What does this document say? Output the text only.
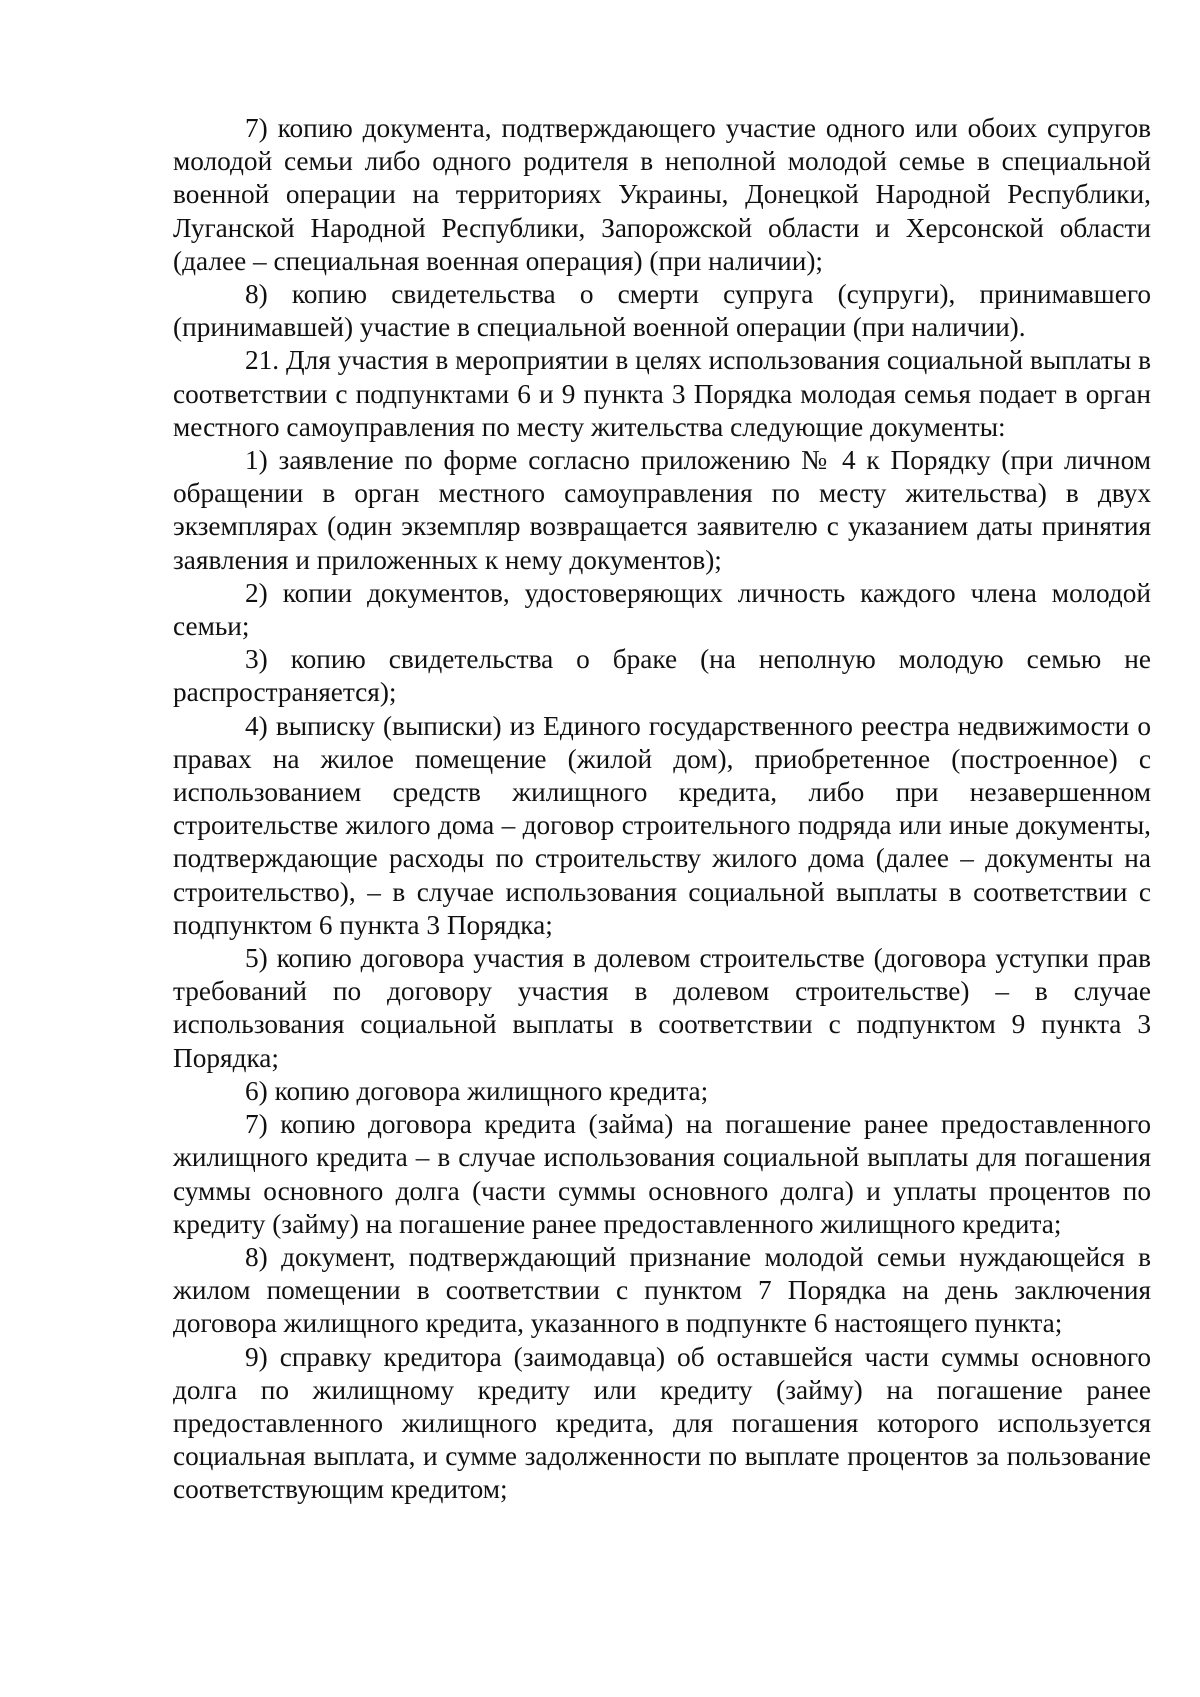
7) копию документа, подтверждающего участие одного или обоих супругов молодой семьи либо одного родителя в неполной молодой семье в специальной военной операции на территориях Украины, Донецкой Народной Республики, Луганской Народной Республики, Запорожской области и Херсонской области (далее – специальная военная операция) (при наличии);

8) копию свидетельства о смерти супруга (супруги), принимавшего (принимавшей) участие в специальной военной операции (при наличии).

21. Для участия в мероприятии в целях использования социальной выплаты в соответствии с подпунктами 6 и 9 пункта 3 Порядка молодая семья подает в орган местного самоуправления по месту жительства следующие документы:

1) заявление по форме согласно приложению № 4 к Порядку (при личном обращении в орган местного самоуправления по месту жительства) в двух экземплярах (один экземпляр возвращается заявителю с указанием даты принятия заявления и приложенных к нему документов);

2) копии документов, удостоверяющих личность каждого члена молодой семьи;

3) копию свидетельства о браке (на неполную молодую семью не распространяется);

4) выписку (выписки) из Единого государственного реестра недвижимости о правах на жилое помещение (жилой дом), приобретенное (построенное) с использованием средств жилищного кредита, либо при незавершенном строительстве жилого дома – договор строительного подряда или иные документы, подтверждающие расходы по строительству жилого дома (далее – документы на строительство), – в случае использования социальной выплаты в соответствии с подпунктом 6 пункта 3 Порядка;

5) копию договора участия в долевом строительстве (договора уступки прав требований по договору участия в долевом строительстве) – в случае использования социальной выплаты в соответствии с подпунктом 9 пункта 3 Порядка;

6) копию договора жилищного кредита;

7) копию договора кредита (займа) на погашение ранее предоставленного жилищного кредита – в случае использования социальной выплаты для погашения суммы основного долга (части суммы основного долга) и уплаты процентов по кредиту (займу) на погашение ранее предоставленного жилищного кредита;

8) документ, подтверждающий признание молодой семьи нуждающейся в жилом помещении в соответствии с пунктом 7 Порядка на день заключения договора жилищного кредита, указанного в подпункте 6 настоящего пункта;

9) справку кредитора (заимодавца) об оставшейся части суммы основного долга по жилищному кредиту или кредиту (займу) на погашение ранее предоставленного жилищного кредита, для погашения которого используется социальная выплата, и сумме задолженности по выплате процентов за пользование соответствующим кредитом;
